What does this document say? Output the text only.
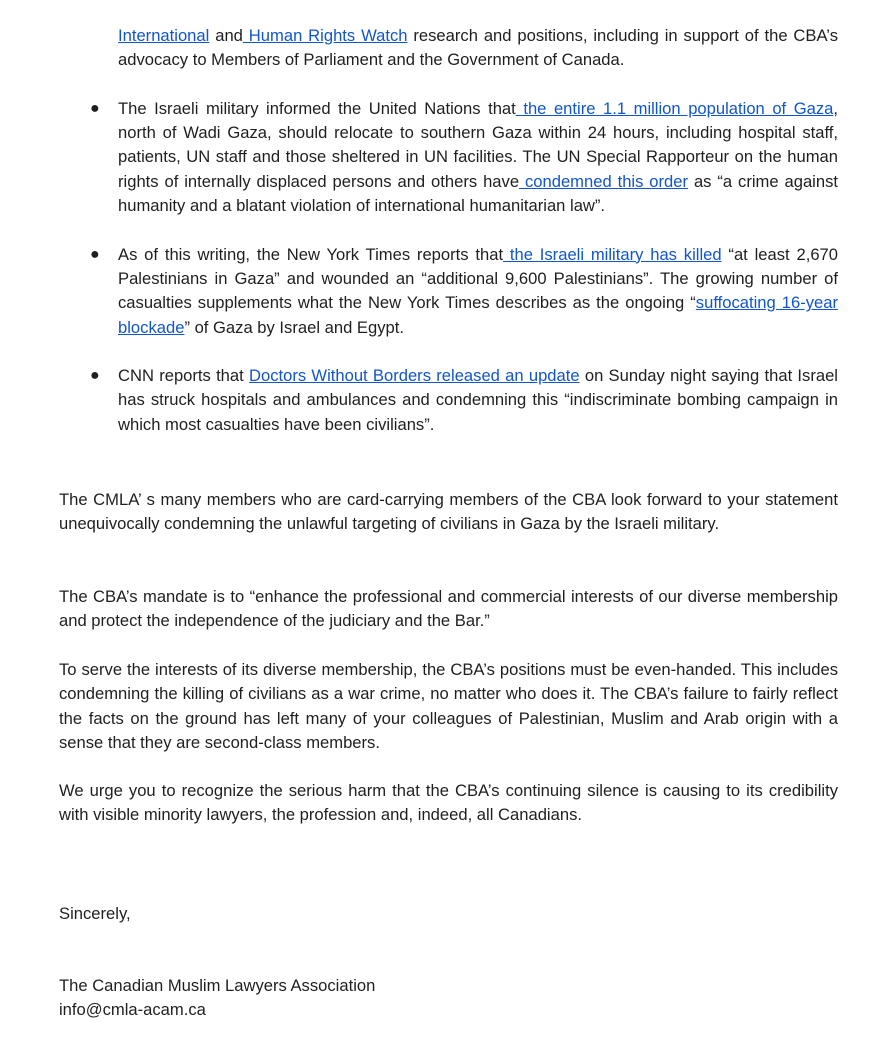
International and Human Rights Watch research and positions, including in support of the CBA’s advocacy to Members of Parliament and the Government of Canada.
● The Israeli military informed the United Nations that the entire 1.1 million population of Gaza, north of Wadi Gaza, should relocate to southern Gaza within 24 hours, including hospital staff, patients, UN staff and those sheltered in UN facilities. The UN Special Rapporteur on the human rights of internally displaced persons and others have condemned this order as “a crime against humanity and a blatant violation of international humanitarian law”.
● As of this writing, the New York Times reports that the Israeli military has killed “at least 2,670 Palestinians in Gaza” and wounded an “additional 9,600 Palestinians”. The growing number of casualties supplements what the New York Times describes as the ongoing “suffocating 16-year blockade” of Gaza by Israel and Egypt.
● CNN reports that Doctors Without Borders released an update on Sunday night saying that Israel has struck hospitals and ambulances and condemning this “indiscriminate bombing campaign in which most casualties have been civilians”.

The CMLA’ s many members who are card-carrying members of the CBA look forward to your statement unequivocally condemning the unlawful targeting of civilians in Gaza by the Israeli military.

The CBA’s mandate is to “enhance the professional and commercial interests of our diverse membership and protect the independence of the judiciary and the Bar.”

To serve the interests of its diverse membership, the CBA’s positions must be even-handed. This includes condemning the killing of civilians as a war crime, no matter who does it. The CBA’s failure to fairly reflect the facts on the ground has left many of your colleagues of Palestinian, Muslim and Arab origin with a sense that they are second-class members.

We urge you to recognize the serious harm that the CBA’s continuing silence is causing to its credibility with visible minority lawyers, the profession and, indeed, all Canadians.

Sincerely,

The Canadian Muslim Lawyers Association

info@cmla-acam.ca
